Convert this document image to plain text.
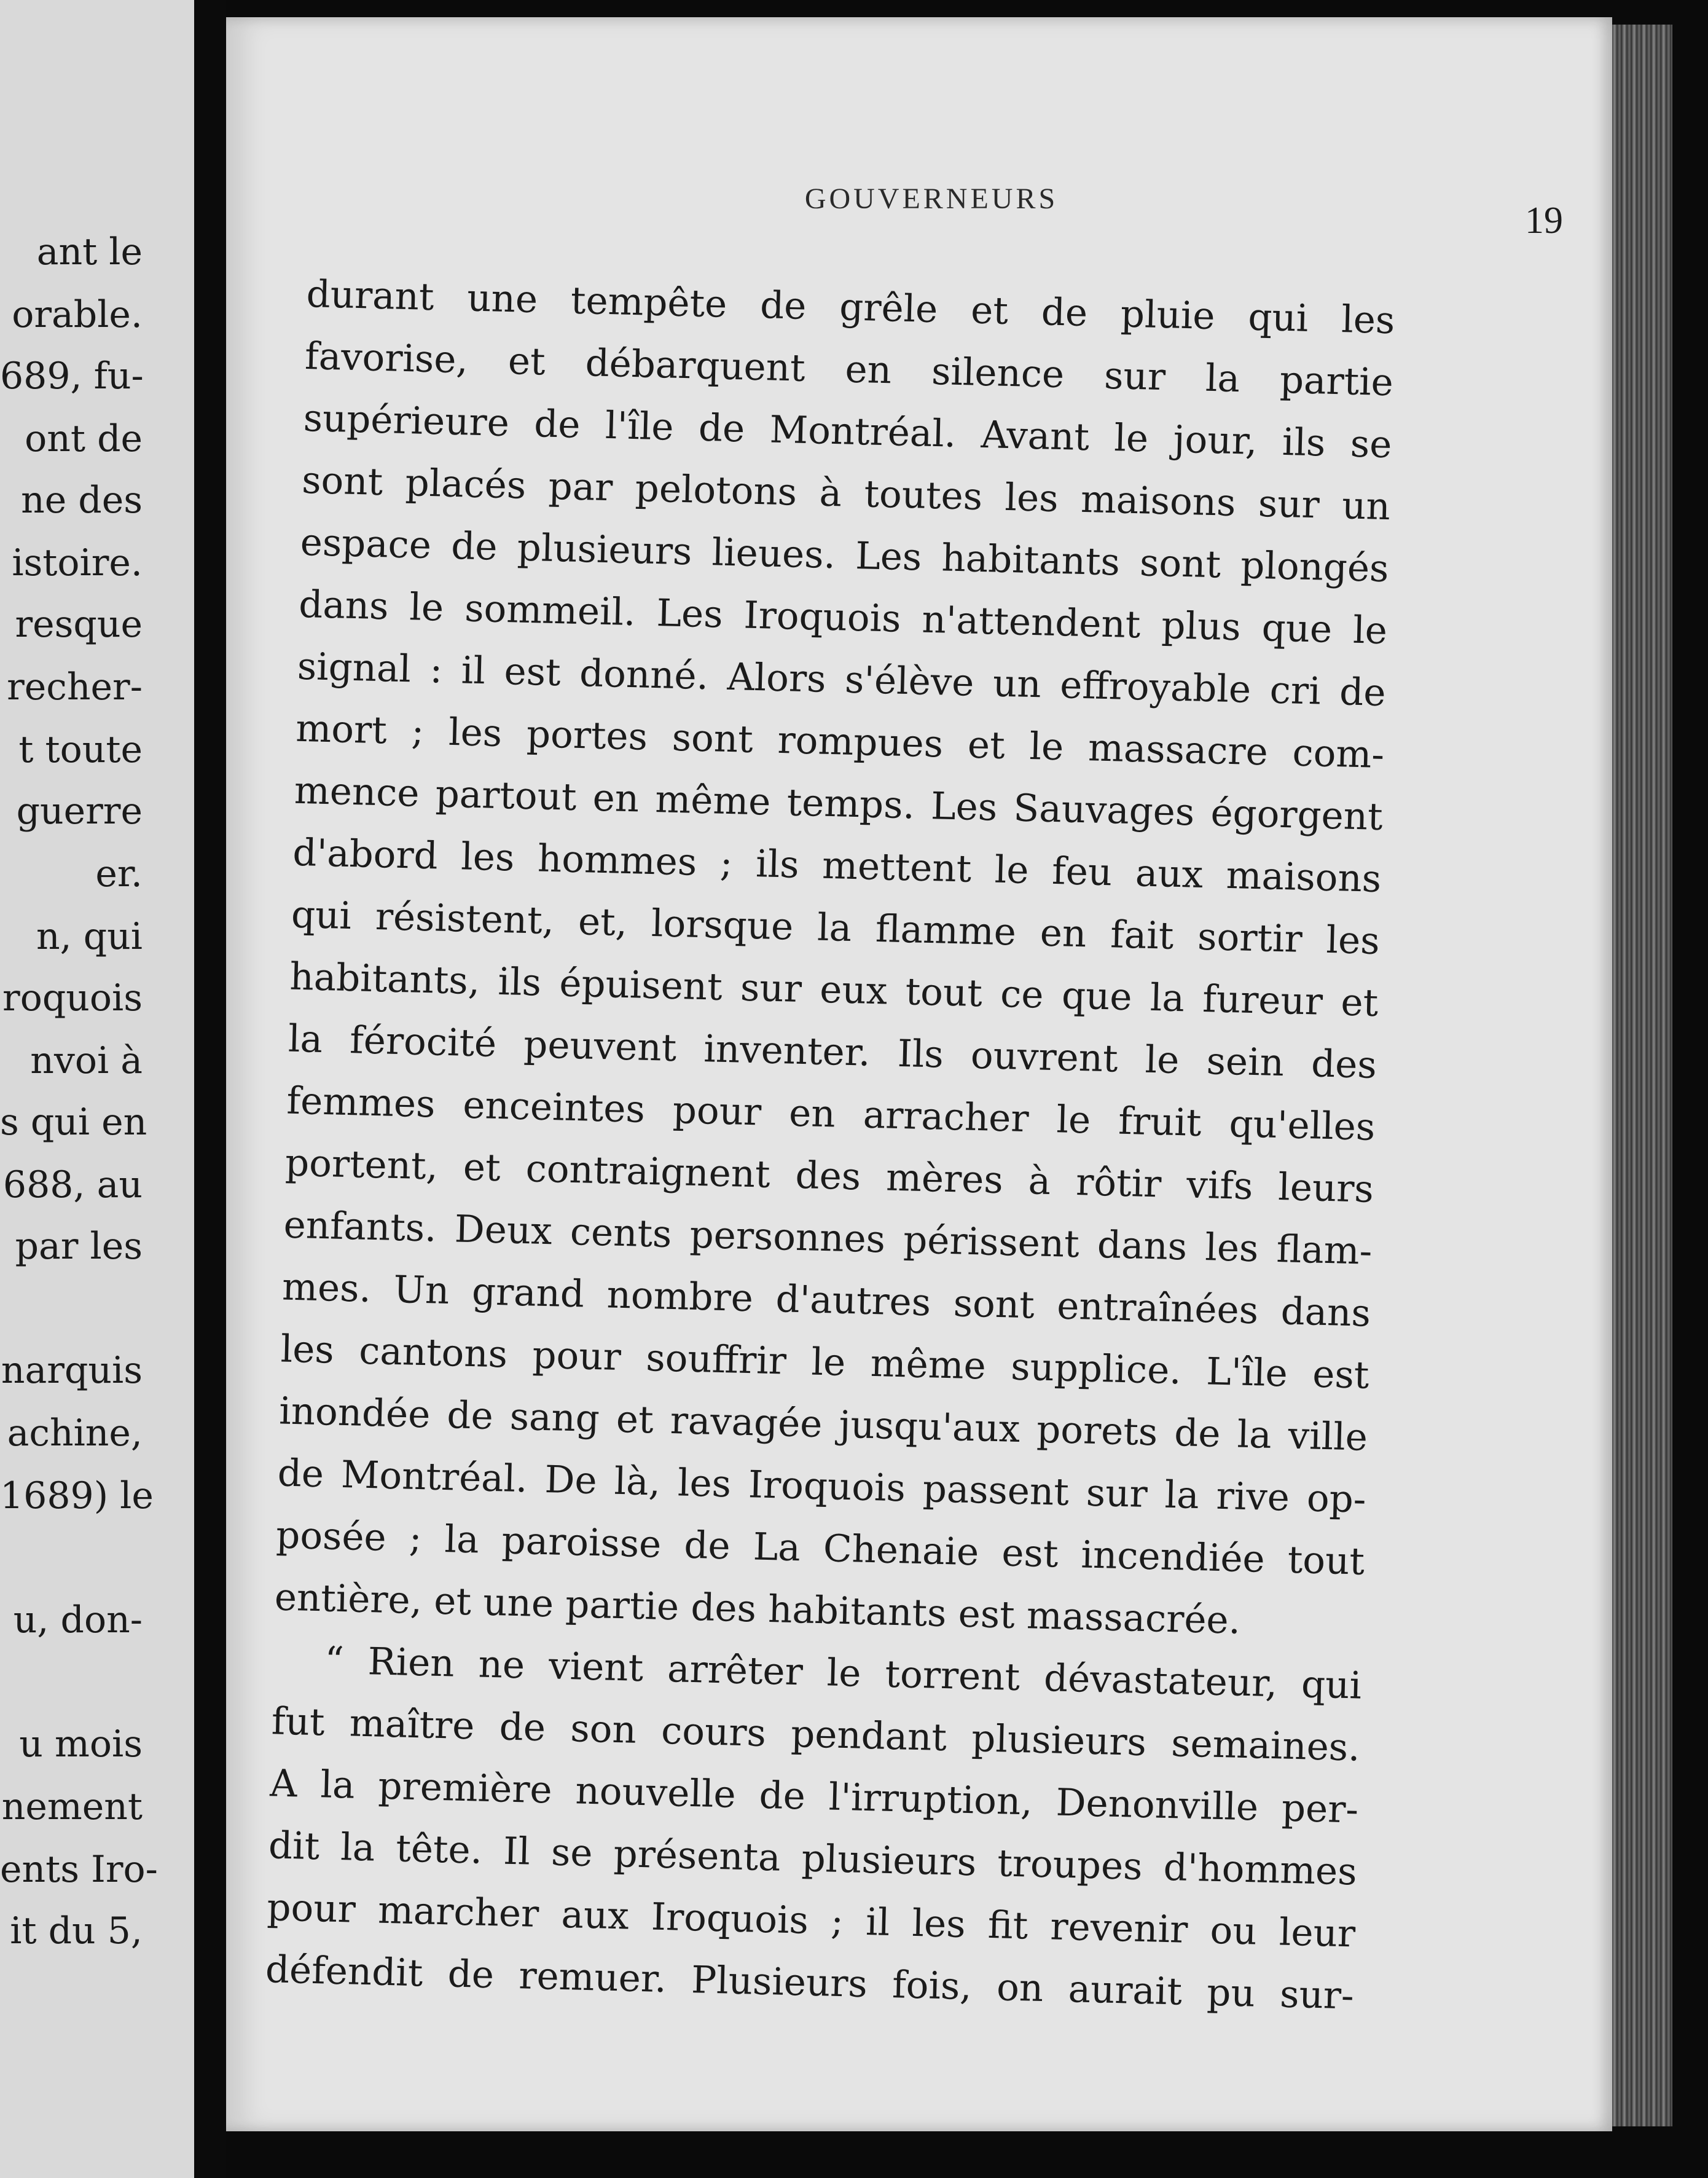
ant le
orable.
689, fu-
ont de
ne des
istoire.
resque
recher-
t toute
guerre
er.
n, qui
roquois
nvoi à
s qui en
688, au
par les
narquis
achine,
1689) le
u, don-
u mois
nement
ents Iro-
it du 5,
GOUVERNEURS
19

durant une tempête de grêle et de pluie qui les

favorise, et débarquent en silence sur la partie

supérieure de l'île de Montréal. Avant le jour, ils se

sont placés par pelotons à toutes les maisons sur un

espace de plusieurs lieues. Les habitants sont plongés

dans le sommeil. Les Iroquois n'attendent plus que le

signal : il est donné. Alors s'élève un effroyable cri de

mort ; les portes sont rompues et le massacre com-

mence partout en même temps. Les Sauvages égorgent

d'abord les hommes ; ils mettent le feu aux maisons

qui résistent, et, lorsque la flamme en fait sortir les

habitants, ils épuisent sur eux tout ce que la fureur et

la férocité peuvent inventer. Ils ouvrent le sein des

femmes enceintes pour en arracher le fruit qu'elles

portent, et contraignent des mères à rôtir vifs leurs

enfants. Deux cents personnes périssent dans les flam-

mes. Un grand nombre d'autres sont entraînées dans

les cantons pour souffrir le même supplice. L'île est

inondée de sang et ravagée jusqu'aux porets de la ville

de Montréal. De là, les Iroquois passent sur la rive op-

posée ; la paroisse de La Chenaie est incendiée tout

entière, et une partie des habitants est massacrée.

“ Rien ne vient arrêter le torrent dévastateur, qui

fut maître de son cours pendant plusieurs semaines.

A la première nouvelle de l'irruption, Denonville per-

dit la tête. Il se présenta plusieurs troupes d'hommes

pour marcher aux Iroquois ; il les fit revenir ou leur

défendit de remuer. Plusieurs fois, on aurait pu sur-
